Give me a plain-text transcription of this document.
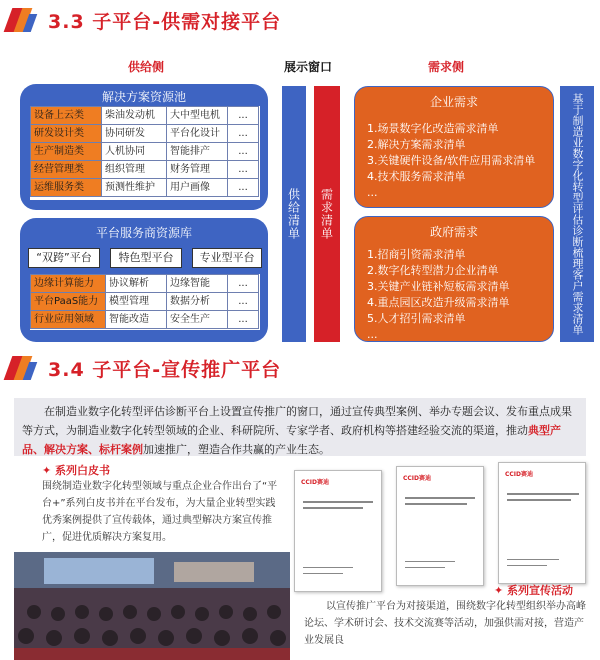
3.3 子平台-供需对接平台
供给侧	展示窗口	需求侧
解决方案资源池
设备上云类	柴油发动机	大中型电机	...
研发设计类	协同研发	平台化设计	...
生产制造类	人机协同	智能排产	...
经营管理类	组织管理	财务管理	...
运维服务类	预测性维护	用户画像	...
平台服务商资源库
“双跨”平台	特色型平台	专业型平台
边缘计算能力	协议解析	边缘智能	...
平台PaaS能力	模型管理	数据分析	...
行业应用领域	智能改造	安全生产	...
供给清单 需求清单
企业需求
1.场景数字化改造需求清单
2.解决方案需求清单
3.关键硬件设备/软件应用需求清单
4.技术服务需求清单
...
政府需求
1.招商引资需求清单
2.数字化转型潜力企业清单
3.关键产业链补短板需求清单
4.重点园区改造升级需求清单
5.人才招引需求清单
...	基于制造业数字化转型评估诊断梳理客户需求清单
3.4 子平台-宣传推广平台
在制造业数字化转型评估诊断平台上设置宣传推广的窗口，通过宣传典型案例、举办专题会议、发布重点成果等方式，为制造业数字化转型领域的企业、科研院所、专家学者、政府机构等搭建经验交流的渠道，推动典型产品、解决方案、标杆案例加速推广，塑造合作共赢的产业生态。
✦ 系列白皮书
围绕制造业数字化转型领域与重点企业合作出台了“平台+”系列白皮书并在平台发布，为大量企业转型实践优秀案例提供了宣传载体，通过典型解决方案宣传推广，促进优质解决方案复用。
CCID赛迪
CCID赛迪
CCID赛迪
✦ 系列宣传活动
以宣传推广平台为对接渠道，围绕数字化转型组织举办高峰论坛、学术研讨会、技术交流赛等活动，加强供需对接，营造产业发展良
